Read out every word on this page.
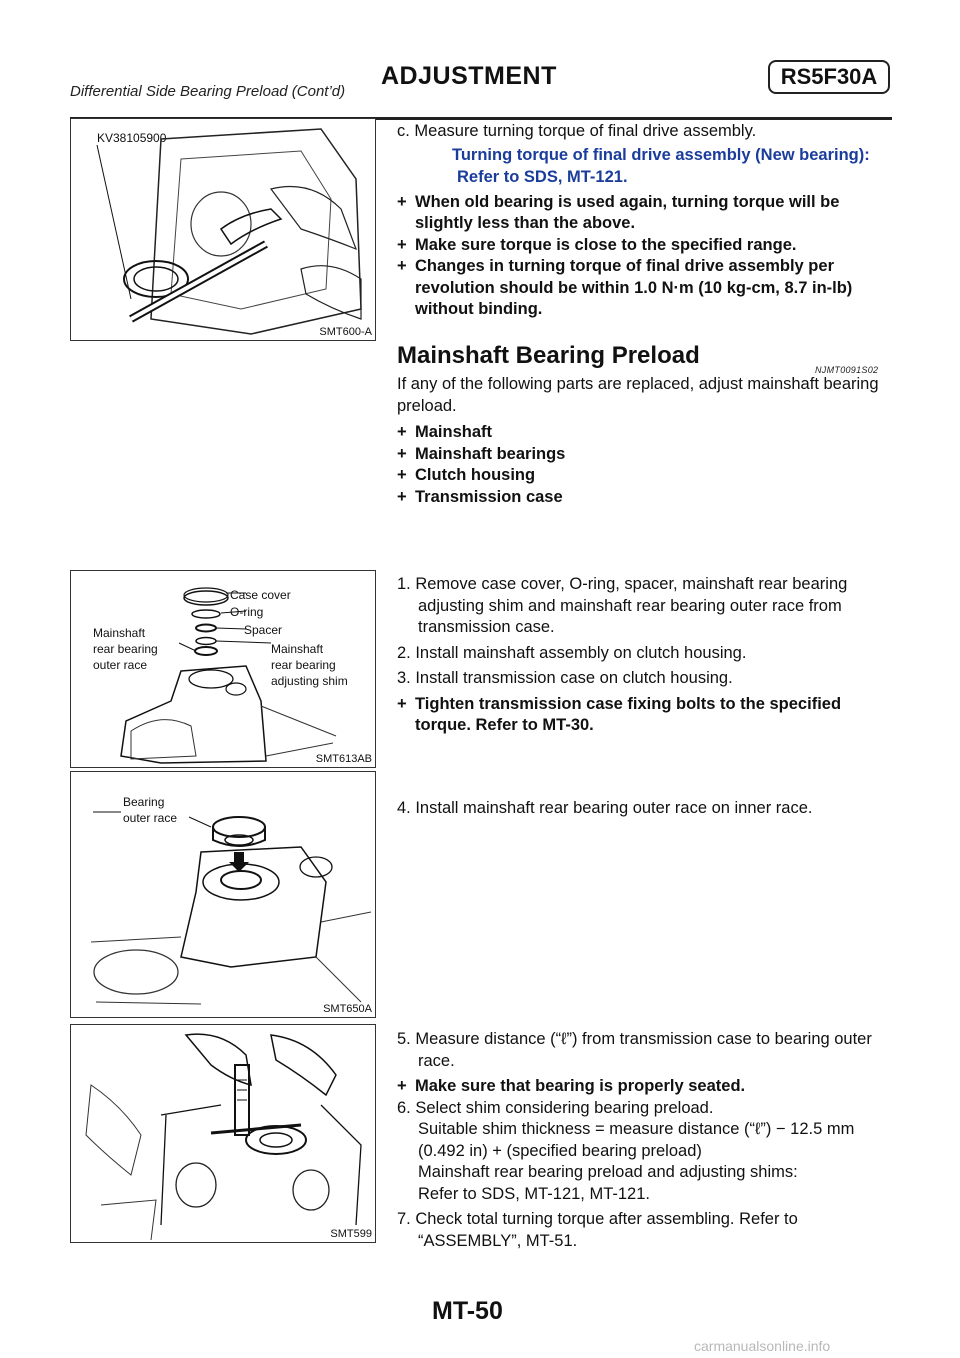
ADJUSTMENT	RS5F30A
Differential Side Bearing Preload (Cont’d)
KV38105900
SMT600-A

c. Measure turning torque of final drive assembly.

Turning torque of final drive assembly (New bearing):

Refer to SDS, MT-121.

+ When old bearing is used again, turning torque will be slightly less than the above.

+ Make sure torque is close to the specified range.

+ Changes in turning torque of final drive assembly per revolution should be within 1.0 N·m (10 kg-cm, 8.7 in-lb) without binding.

Mainshaft Bearing Preload
NJMT0091S02

If any of the following parts are replaced, adjust mainshaft bearing preload.

+ Mainshaft

+ Mainshaft bearings

+ Clutch housing

+ Transmission case

Case cover
O-ring
Spacer
Mainshaft
rear bearing
outer race
Mainshaft
rear bearing
adjusting shim
SMT613AB

1. Remove case cover, O-ring, spacer, mainshaft rear bearing adjusting shim and mainshaft rear bearing outer race from transmission case.

2. Install mainshaft assembly on clutch housing.

3. Install transmission case on clutch housing.

+ Tighten transmission case fixing bolts to the specified torque. Refer to MT-30.

Bearing
outer race
SMT650A

4. Install mainshaft rear bearing outer race on inner race.

SMT599

5. Measure distance (“ℓ”) from transmission case to bearing outer race.

+ Make sure that bearing is properly seated.

6. Select shim considering bearing preload.

Suitable shim thickness = measure distance (“ℓ”) − 12.5 mm (0.492 in) + (specified bearing preload)

Mainshaft rear bearing preload and adjusting shims:

Refer to SDS, MT-121, MT-121.

7. Check total turning torque after assembling. Refer to “ASSEMBLY”, MT-51.

MT-50
carmanualsonline.info
